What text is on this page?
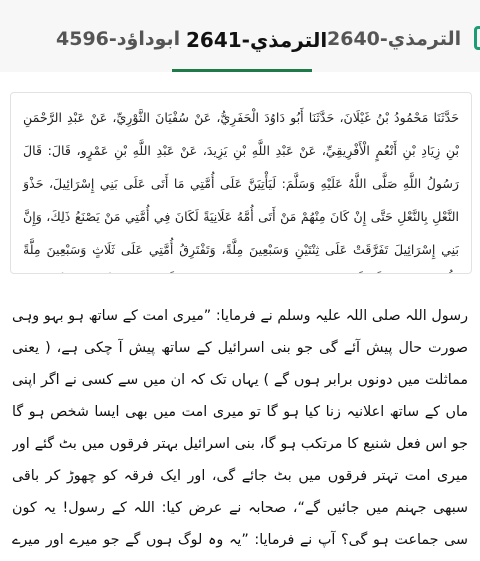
ابوداؤد-4596 الترمذي-2641 الترمذي-2640
حَدَّثَنَا مَحْمُودُ بْنُ غَيْلَانَ، حَدَّثَنَا أَبُو دَاوُدَ الْحَفَرِيُّ، عَنْ سُفْيَانَ الثَّوْرِيِّ، عَنْ عَبْدِ الرَّحْمَنِ بْنِ زِيَادِ بْنِ أَنْعُمٍ الْأَفْرِيقِيِّ، عَنْ عَبْدِ اللَّهِ بْنِ يَزِيدَ، عَنْ عَبْدِ اللَّهِ بْنِ عَمْرٍو، قَالَ: قَالَ رَسُولُ اللَّهِ صَلَّى اللَّهُ عَلَيْهِ وَسَلَّمَ: لَيَأْتِيَنَّ عَلَى أُمَّتِي مَا أَتَى عَلَى بَنِي إِسْرَائِيلَ، حَذْوَ النَّعْلِ بِالنَّعْلِ حَتَّى إِنْ كَانَ مِنْهُمْ مَنْ أَتَى أُمَّهُ عَلَانِيَةً لَكَانَ فِي أُمَّتِي مَنْ يَصْنَعُ ذَلِكَ، وَإِنَّ بَنِي إِسْرَائِيلَ تَفَرَّقَتْ عَلَى ثِنْتَيْنِ وَسَبْعِينَ مِلَّةً، وَتَفْتَرِقُ أُمَّتِي عَلَى ثَلَاثٍ وَسَبْعِينَ مِلَّةً
رسول اللہ صلی اللہ علیہ وسلم نے فرمایا: ”میری امت کے ساتھ ہو بہو وہی صورت حال پیش آئے گی جو بنی اسرائیل کے ساتھ پیش آ چکی ہے، ( یعنی مماثلت میں دونوں برابر ہوں گے ) یہاں تک کہ ان میں سے کسی نے اگر اپنی ماں کے ساتھ اعلانیہ زنا کیا ہو گا تو میری امت میں بھی ایسا شخص ہو گا جو اس فعل شنیع کا مرتکب ہو گا، بنی اسرائیل بہتر فرقوں میں بٹ گئے اور میری امت تہتر فرقوں میں بٹ جائے گی، اور ایک فرقہ کو چھوڑ کر باقی سبھی جہنم میں جائیں گے“، صحابہ نے عرض کیا: اللہ کے رسول! یہ کون سی جماعت ہو گی؟ آپ نے فرمایا: ”یہ وہ لوگ ہوں گے جو میرے اور میرے
